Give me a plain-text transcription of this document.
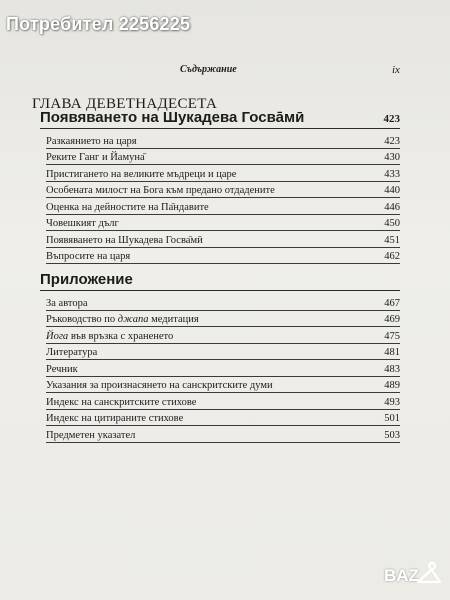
Потребител 2256225
Съдържание	ix
ГЛАВА ДЕВЕТНАДЕСЕТА
Появяването на Шукадева Госва̄мӣ	423
Разкаянието на царя	423
Реките Ганг и Йамуна̄	430
Пристигането на великите мъдреци и царе	433
Особената милост на Бога към предано отдадените	440
Оценка на дейностите на Па̄ндавите	446
Човешкият дълг	450
Появяването на Шукадева Госва̄мӣ	451
Въпросите на царя	462
Приложение
За автора	467
Ръководство по джапа медитация	469
Йога във връзка с храненето	475
Литература	481
Речник	483
Указания за произнасянето на санскритските думи	489
Индекс на санскритските стихове	493
Индекс на цитираните стихове	501
Предметен указател	503
BAZ
